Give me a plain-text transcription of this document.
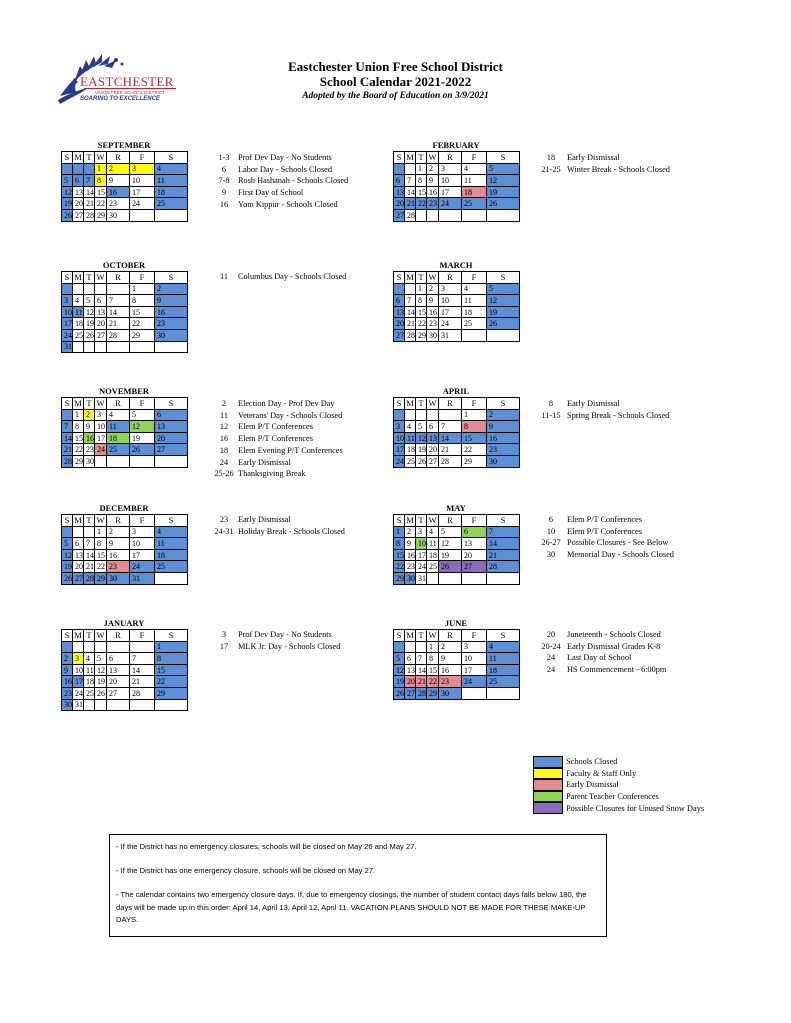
EASTCHESTER
UNION FREE SCHOOL DISTRICT
SOARING TO EXCELLENCE
Eastchester Union Free School District
School Calendar 2021-2022
Adopted by the Board of Education on 3/9/2021
SEPTEMBER
S	M	T	W	R	F	S
			1	2	3	4
5	6	7	8	9	10	11
12	13	14	15	16	17	18
19	20	21	22	23	24	25
26	27	28	29	30		
1-3	Prof Dev Day - No Students
6	Labor Day - Schools Closed
7-8	Rosh Hashanah - Schools Closed
9	First Day of School
16	Yom Kippur - Schools Closed
FEBRUARY
S	M	T	W	R	F	S
		1	2	3	4	5
6	7	8	9	10	11	12
13	14	15	16	17	18	19
20	21	22	23	24	25	26
27	28					
18	Early Dismissal
21-25 Winter Break - Schools Closed
OCTOBER
S	M	T	W	R	F	S
					1	2
3	4	5	6	7	8	9
10	11	12	13	14	15	16
17	18	19	20	21	22	23
24	25	26	27	28	29	30
31						
11	Columbus Day - Schools Closed
MARCH
S	M	T	W	R	F	S
		1	2	3	4	5
6	7	8	9	10	11	12
13	14	15	16	17	18	19
20	21	22	23	24	25	26
27	28	29	30	31		
NOVEMBER
S	M	T	W	R	F	S
	1	2	3	4	5	6
7	8	9	10	11	12	13
14	15	16	17	18	19	20
21	22	23	24	25	26	27
28	29	30				
2	Election Day - Prof Dev Day
11	Veterans' Day - Schools Closed
12	Elem P/T Conferences
16	Elem P/T Conferences
18	Elem Evening P/T Conferences
24	Early Dismissal
25-26 Thanksgiving Break
APRIL
S	M	T	W	R	F	S
					1	2
3	4	5	6	7	8	9
10	11	12	13	14	15	16
17	18	19	20	21	22	23
24	25	26	27	28	29	30
8	Early Dismissal
11-15 Spring Break - Schools Closed
DECEMBER
S	M	T	W	R	F	S
			1	2	3	4
5	6	7	8	9	10	11
12	13	14	15	16	17	18
19	20	21	22	23	24	25
26	27	28	29	30	31	
23	Early Dismissal
24-31 Holiday Break - Schools Closed
MAY
S	M	T	W	R	F	S
1	2	3	4	5	6	7
8	9	10	11	12	13	14
15	16	17	18	19	20	21
22	23	24	25	26	27	28
29	30	31				
6	Elem P/T Conferences
10	Elem P/T Conferences
26-27 Possible Closures - See Below
30	Memorial Day - Schools Closed
JANUARY
S	M	T	W	R	F	S
						1
2	3	4	5	6	7	8
9	10	11	12	13	14	15
16	17	18	19	20	21	22
23	24	25	26	27	28	29
30	31					
3	Prof Dev Day - No Students
17	MLK Jr. Day - Schools Closed
JUNE
S	M	T	W	R	F	S
			1	2	3	4
5	6	7	8	9	10	11
12	13	14	15	16	17	18
19	20	21	22	23	24	25
26	27	28	29	30		
20	Juneteenth - Schools Closed
20-24 Early Dismissal Grades K-8
24	Last Day of School
24	HS Commencement - 6:00pm
Schools Closed
Faculty & Staff Only
Early Dismissal
Parent Teacher Conferences
Possible Closures for Unused Snow Days

- If the District has no emergency closures, schools will be closed on May 26 and May 27.

- If the District has one emergency closure, schools will be closed on May 27.

- The calendar contains two emergency closure days. If, due to emergency closings, the number of student contact days falls below 180, the days will be made up in this order: April 14, April 13, April 12, April 11. VACATION PLANS SHOULD NOT BE MADE FOR THESE MAKE-UP DAYS.
